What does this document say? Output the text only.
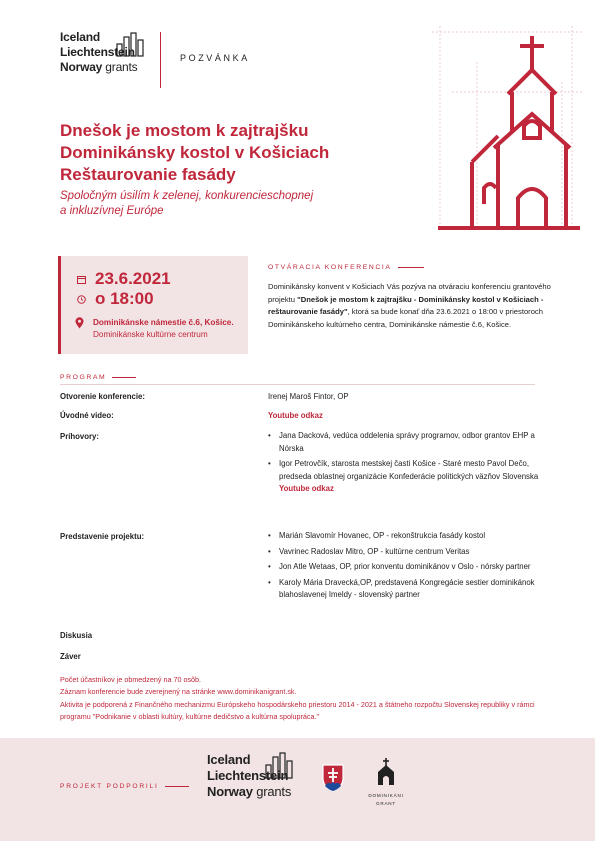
Iceland
Liechtenstein
Norway grants
POZVÁNKA
Dnešok je mostom k zajtrajšku
Dominikánsky kostol v Košiciach
Reštaurovanie fasády
Spoločným úsilím k zelenej, konkurencieschopnej
a inkluzívnej Európe
23.6.2021
o 18:00
Dominikánske námestie č.6, Košice.
Dominikánske kultúrne centrum
OTVÁRACIA KONFERENCIA
Dominikánsky konvent v Košiciach Vás pozýva na otváraciu konferenciu grantového projektu "Dnešok je mostom k zajtrajšku - Dominikánsky kostol v Košiciach - reštaurovanie fasády", ktorá sa bude konať dňa 23.6.2021 o 18:00 v priestoroch Dominikánskeho kultúrneho centra, Dominikánske námestie č.6, Košice.
PROGRAM
Otvorenie konferencie:	Irenej Maroš Fintor, OP
Úvodné video:	Youtube odkaz
Príhovory:	• Jana Dacková, vedúca oddelenia správy programov, odbor grantov EHP a Nórska
• Igor Petrovčík, starosta mestskej časti Košice - Staré mesto Pavol Dečo, predseda oblastnej organizácie Konfederácie politických väzňov Slovenska Youtube odkaz
Predstavenie projektu:	• Marián Slavomír Hovanec, OP - rekonštrukcia fasády kostol
• Vavrinec Radoslav Mitro, OP - kultúrne centrum Veritas
• Jon Atle Wetaas, OP, prior konventu dominikánov v Oslo - nórsky partner
• Karoly Mária Dravecká,OP, predstavená Kongregácie sestier dominikánok blahoslavenej Imeldy - slovenský partner
Diskusia
Záver
Počet účastníkov je obmedzený na 70 osôb.
Záznam konferencie bude zverejnený na stránke www.dominikanigrant.sk.
Aktivita je podporená z Finančného mechanizmu Európskeho hospodárskeho priestoru 2014 - 2021 a štátneho rozpočtu Slovenskej republiky v rámci programu "Podnikanie v oblasti kultúry, kultúrne dedičstvo a kultúrna spolupráca."
PROJEKT PODPORILI
Iceland
Liechtenstein
Norway grants	DOMINIKÁNI
GRANT
